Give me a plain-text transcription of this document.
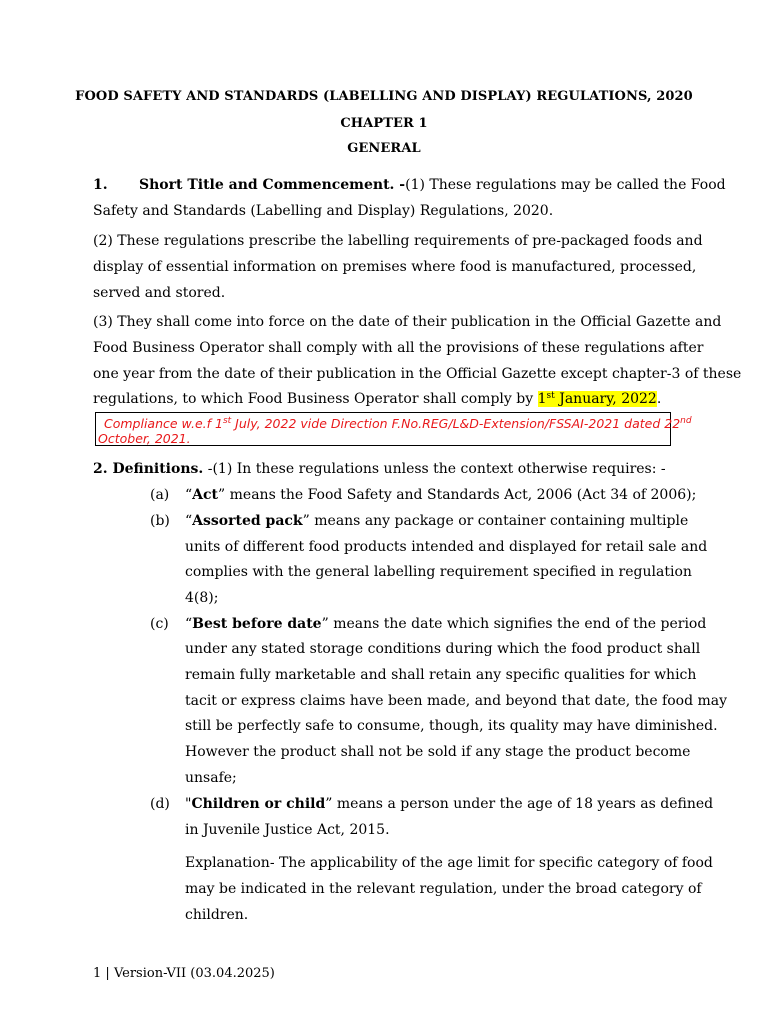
FOOD SAFETY AND STANDARDS (LABELLING AND DISPLAY) REGULATIONS, 2020
CHAPTER 1
GENERAL
1. Short Title and Commencement. -(1) These regulations may be called the Food
Safety and Standards (Labelling and Display) Regulations, 2020.
(2) These regulations prescribe the labelling requirements of pre-packaged foods and
display of essential information on premises where food is manufactured, processed,
served and stored.
(3) They shall come into force on the date of their publication in the Official Gazette and
Food Business Operator shall comply with all the provisions of these regulations after
one year from the date of their publication in the Official Gazette except chapter-3 of these
regulations, to which Food Business Operator shall comply by 1st January, 2022.
Compliance w.e.f 1st July, 2022 vide Direction F.No.REG/L&D-Extension/FSSAI-2021 dated 22nd
October, 2021.
2. Definitions. -(1) In these regulations unless the context otherwise requires: -
(a) “Act” means the Food Safety and Standards Act, 2006 (Act 34 of 2006);
(b) “Assorted pack” means any package or container containing multiple
units of different food products intended and displayed for retail sale and
complies with the general labelling requirement specified in regulation
4(8);
(c) “Best before date” means the date which signifies the end of the period
under any stated storage conditions during which the food product shall
remain fully marketable and shall retain any specific qualities for which
tacit or express claims have been made, and beyond that date, the food may
still be perfectly safe to consume, though, its quality may have diminished.
However the product shall not be sold if any stage the product become
unsafe;
(d) "Children or child” means a person under the age of 18 years as defined
in Juvenile Justice Act, 2015.
Explanation- The applicability of the age limit for specific category of food
may be indicated in the relevant regulation, under the broad category of
children.
1 | Version-VII (03.04.2025)
